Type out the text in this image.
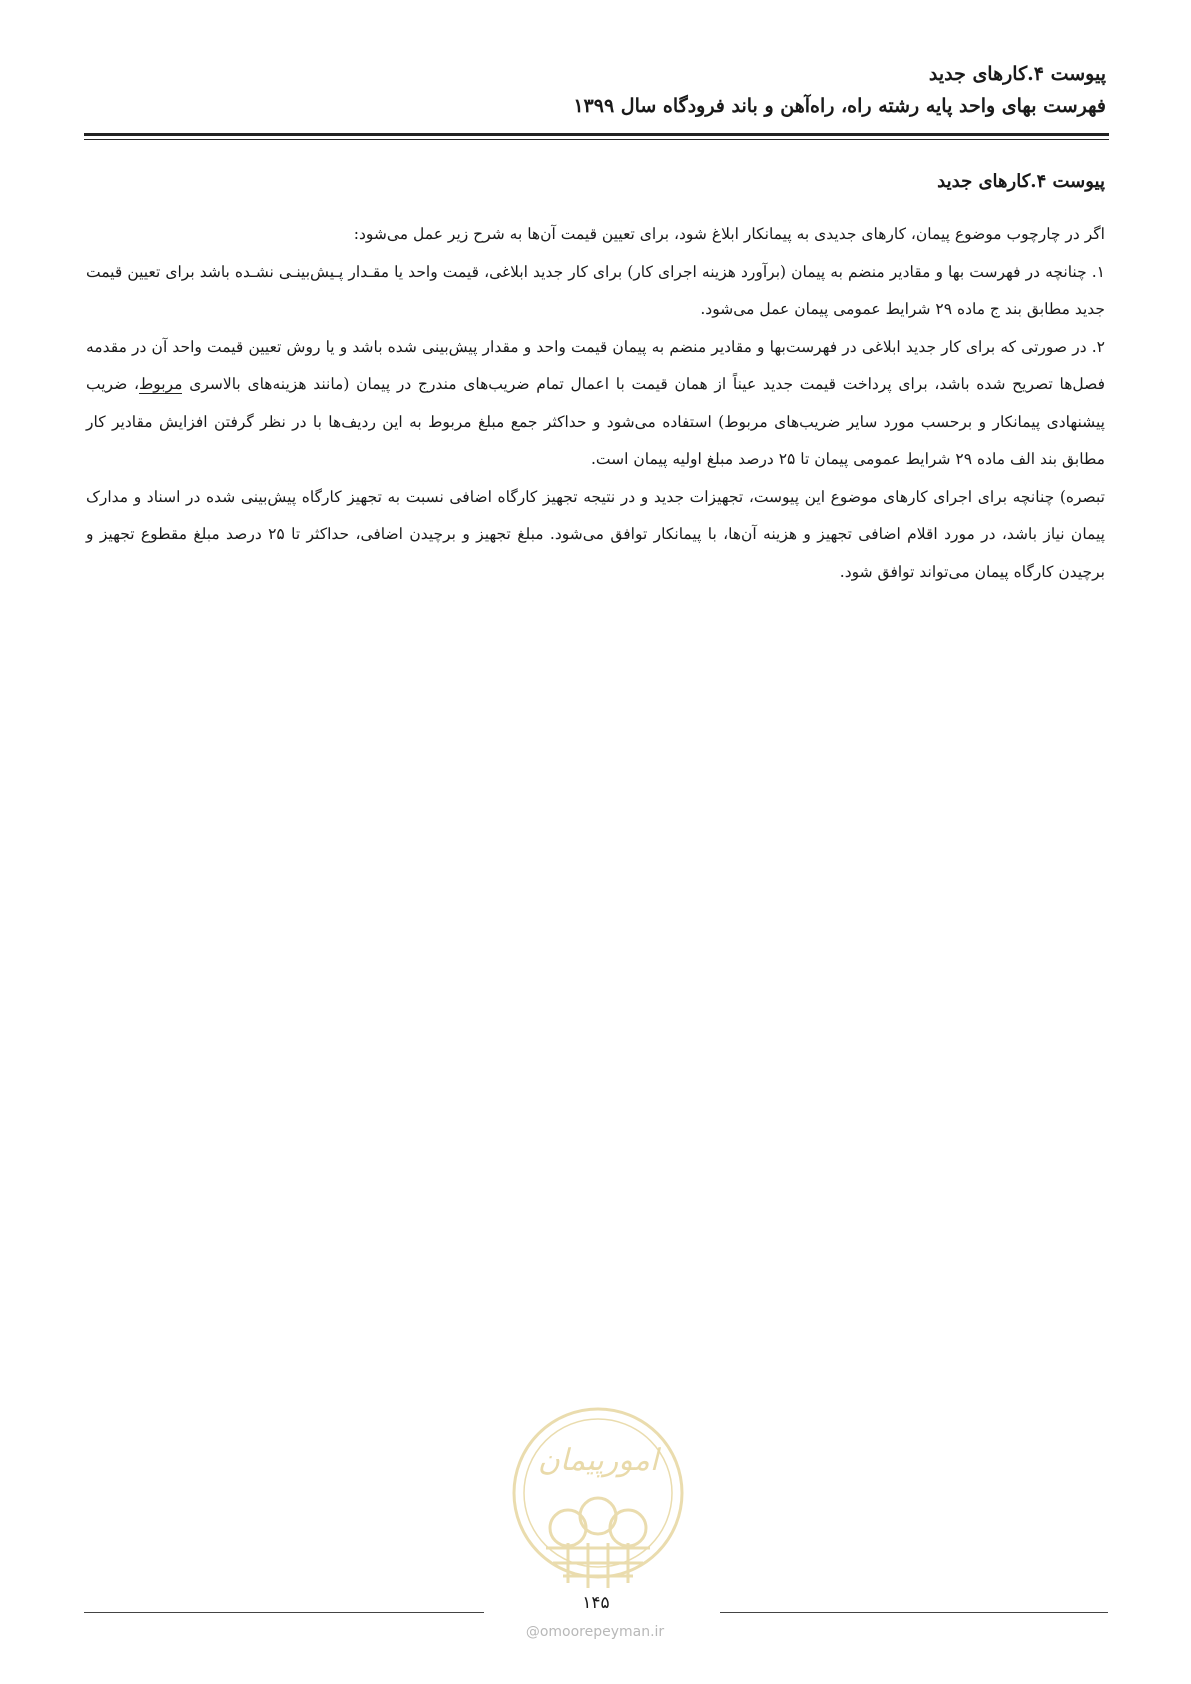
پیوست ۴.کارهای جدید
فهرست بهای واحد پایه رشته راه، راه‌آهن و باند فرودگاه سال ۱۳۹۹
پیوست ۴.کارهای جدید

اگر در چارچوب موضوع پیمان، کارهای جدیدی به پیمانکار ابلاغ شود، برای تعیین قیمت آن‌ها به شرح زیر عمل می‌شود:

۱. چنانچه در فهرست بها و مقادیر منضم به پیمان (برآورد هزینه اجرای کار) برای کار جدید ابلاغی، قیمت واحد یا مقـدار پـیش‌بینـی نشـده باشد برای تعیین قیمت جدید مطابق بند ج ماده ۲۹ شرایط عمومی پیمان عمل می‌شود.

۲. در صورتی که برای کار جدید ابلاغی در فهرست‌بها و مقادیر منضم به پیمان قیمت واحد و مقدار پیش‌بینی شده باشد و یا روش تعیین قیمت واحد آن در مقدمه فصل‌ها تصریح شده باشد، برای پرداخت قیمت جدید عیناً از همان قیمت با اعمال تمام ضریب‌های مندرج در پیمان (مانند هزینه‌های بالاسری مربوط، ضریب پیشنهادی پیمانکار و برحسب مورد سایر ضریب‌های مربوط) استفاده می‌شود و حداکثر جمع مبلغ مربوط به این ردیف‌ها با در نظر گرفتن افزایش مقادیر کار مطابق بند الف ماده ۲۹ شرایط عمومی پیمان تا ۲۵ درصد مبلغ اولیه پیمان است.

تبصره) چنانچه برای اجرای کارهای موضوع این پیوست، تجهیزات جدید و در نتیجه تجهیز کارگاه اضافی نسبت به تجهیز کارگاه پیش‌بینی شده در اسناد و مدارک پیمان نیاز باشد، در مورد اقلام اضافی تجهیز و هزینه آن‌ها، با پیمانکار توافق می‌شود. مبلغ تجهیز و برچیدن اضافی، حداکثر تا ۲۵ درصد مبلغ مقطوع تجهیز و برچیدن کارگاه پیمان می‌تواند توافق شود.

امورپیمان
۱۴۵
@omoorepeyman.ir
